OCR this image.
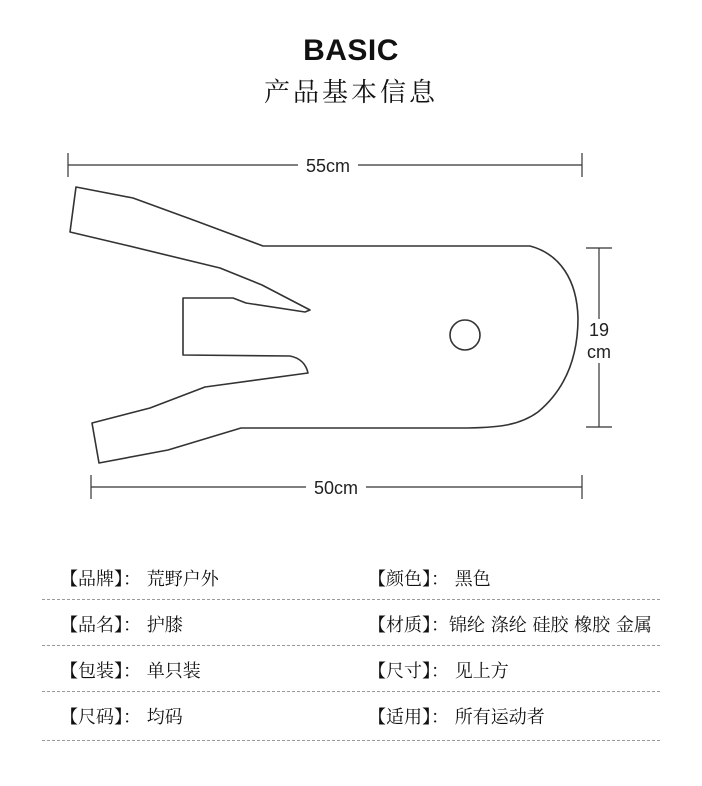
BASIC
产品基本信息
55cm
19
cm
50cm
【品牌】： 荒野户外	【颜色】： 黑色
【品名】： 护膝	【材质】：锦纶 涤纶 硅胶 橡胶 金属
【包装】： 单只装	【尺寸】： 见上方
【尺码】： 均码	【适用】： 所有运动者
